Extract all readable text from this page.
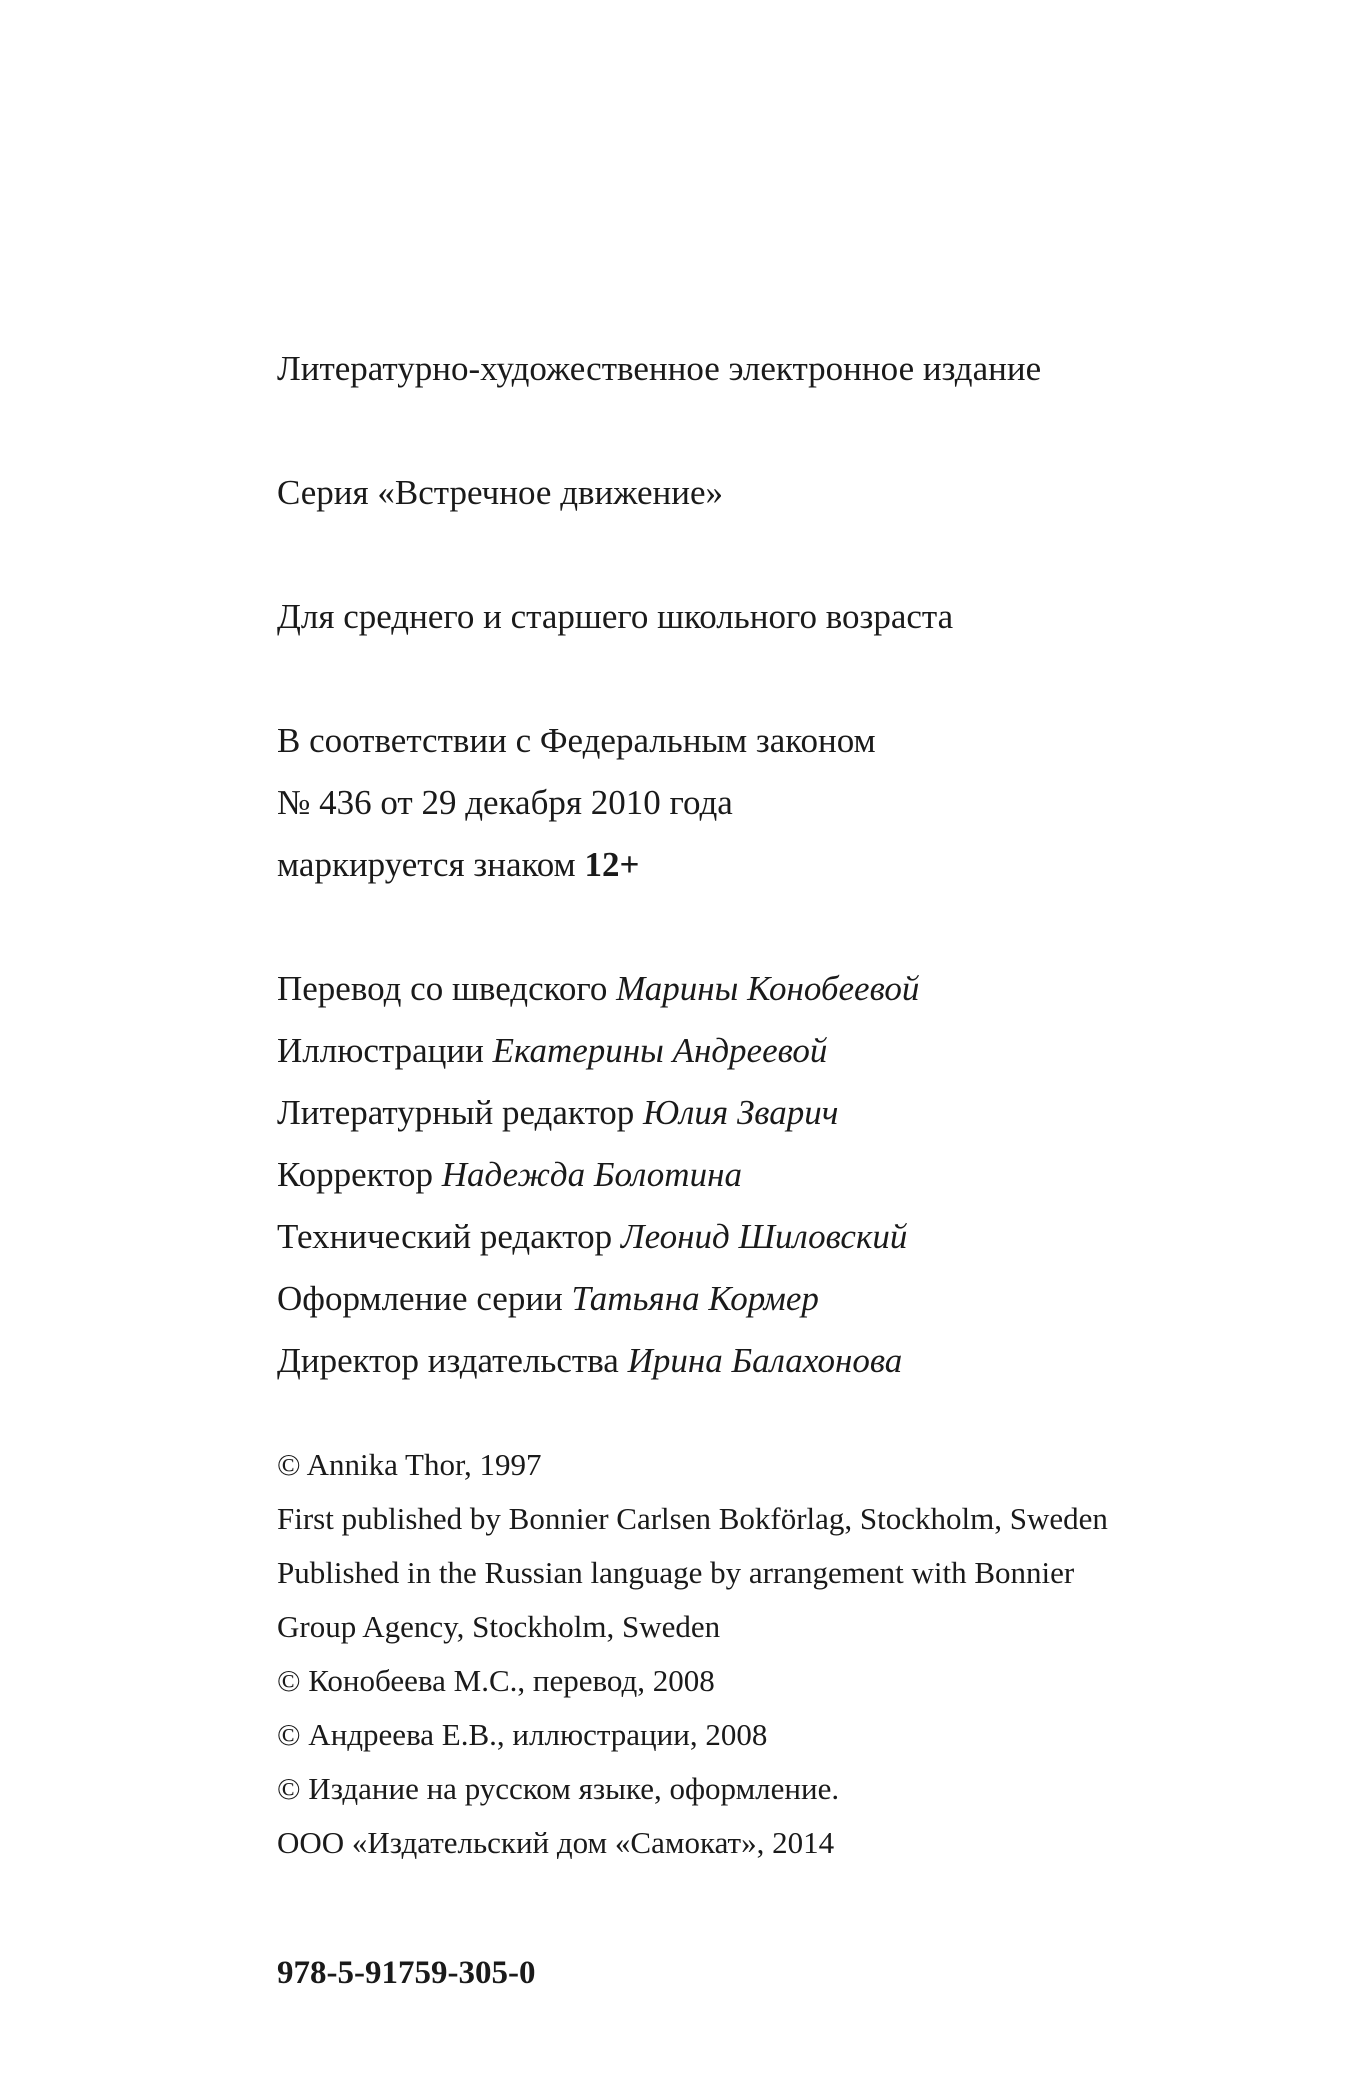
Литературно-художественное электронное издание
Серия «Встречное движение»
Для среднего и старшего школьного возраста
В соответствии с Федеральным законом
№ 436 от 29 декабря 2010 года
маркируется знаком 12+
Перевод со шведского Марины Конобеевой
Иллюстрации Екатерины Андреевой
Литературный редактор Юлия Зварич
Корректор Надежда Болотина
Технический редактор Леонид Шиловский
Оформление серии Татьяна Кормер
Директор издательства Ирина Балахонова
© Annika Thor, 1997
First published by Bonnier Carlsen Bokförlag, Stockholm, Sweden
Published in the Russian language by arrangement with Bonnier
Group Agency, Stockholm, Sweden
© Конобеева М.С., перевод, 2008
© Андреева Е.В., иллюстрации, 2008
© Издание на русском языке, оформление.
ООО «Издательский дом «Самокат», 2014
978-5-91759-305-0
